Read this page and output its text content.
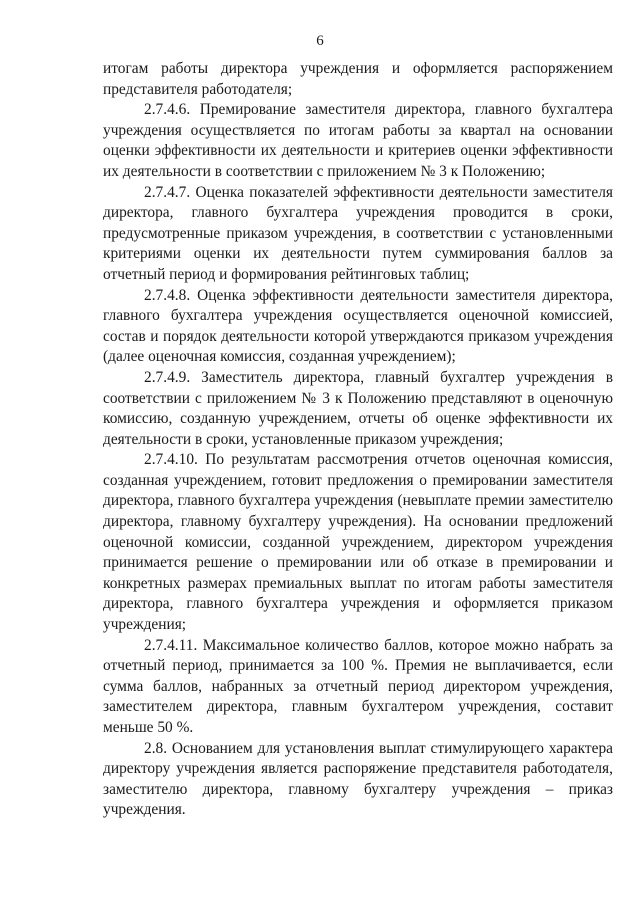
6

итогам работы директора учреждения и оформляется распоряжением представителя работодателя;

2.7.4.6. Премирование заместителя директора, главного бухгалтера учреждения осуществляется по итогам работы за квартал на основании оценки эффективности их деятельности и критериев оценки эффективности их деятельности в соответствии с приложением № 3 к Положению;

2.7.4.7. Оценка показателей эффективности деятельности заместителя директора, главного бухгалтера учреждения проводится в сроки, предусмотренные приказом учреждения, в соответствии с установленными критериями оценки их деятельности путем суммирования баллов за отчетный период и формирования рейтинговых таблиц;

2.7.4.8. Оценка эффективности деятельности заместителя директора, главного бухгалтера учреждения осуществляется оценочной комиссией, состав и порядок деятельности которой утверждаются приказом учреждения (далее оценочная комиссия, созданная учреждением);

2.7.4.9. Заместитель директора, главный бухгалтер учреждения в соответствии с приложением № 3 к Положению представляют в оценочную комиссию, созданную учреждением, отчеты об оценке эффективности их деятельности в сроки, установленные приказом учреждения;

2.7.4.10. По результатам рассмотрения отчетов оценочная комиссия, созданная учреждением, готовит предложения о премировании заместителя директора, главного бухгалтера учреждения (невыплате премии заместителю директора, главному бухгалтеру учреждения). На основании предложений оценочной комиссии, созданной учреждением, директором учреждения принимается решение о премировании или об отказе в премировании и конкретных размерах премиальных выплат по итогам работы заместителя директора, главного бухгалтера учреждения и оформляется приказом учреждения;

2.7.4.11. Максимальное количество баллов, которое можно набрать за отчетный период, принимается за 100 %. Премия не выплачивается, если сумма баллов, набранных за отчетный период директором учреждения, заместителем директора, главным бухгалтером учреждения, составит меньше 50 %.

2.8. Основанием для установления выплат стимулирующего характера директору учреждения является распоряжение представителя работодателя, заместителю директора, главному бухгалтеру учреждения – приказ учреждения.
